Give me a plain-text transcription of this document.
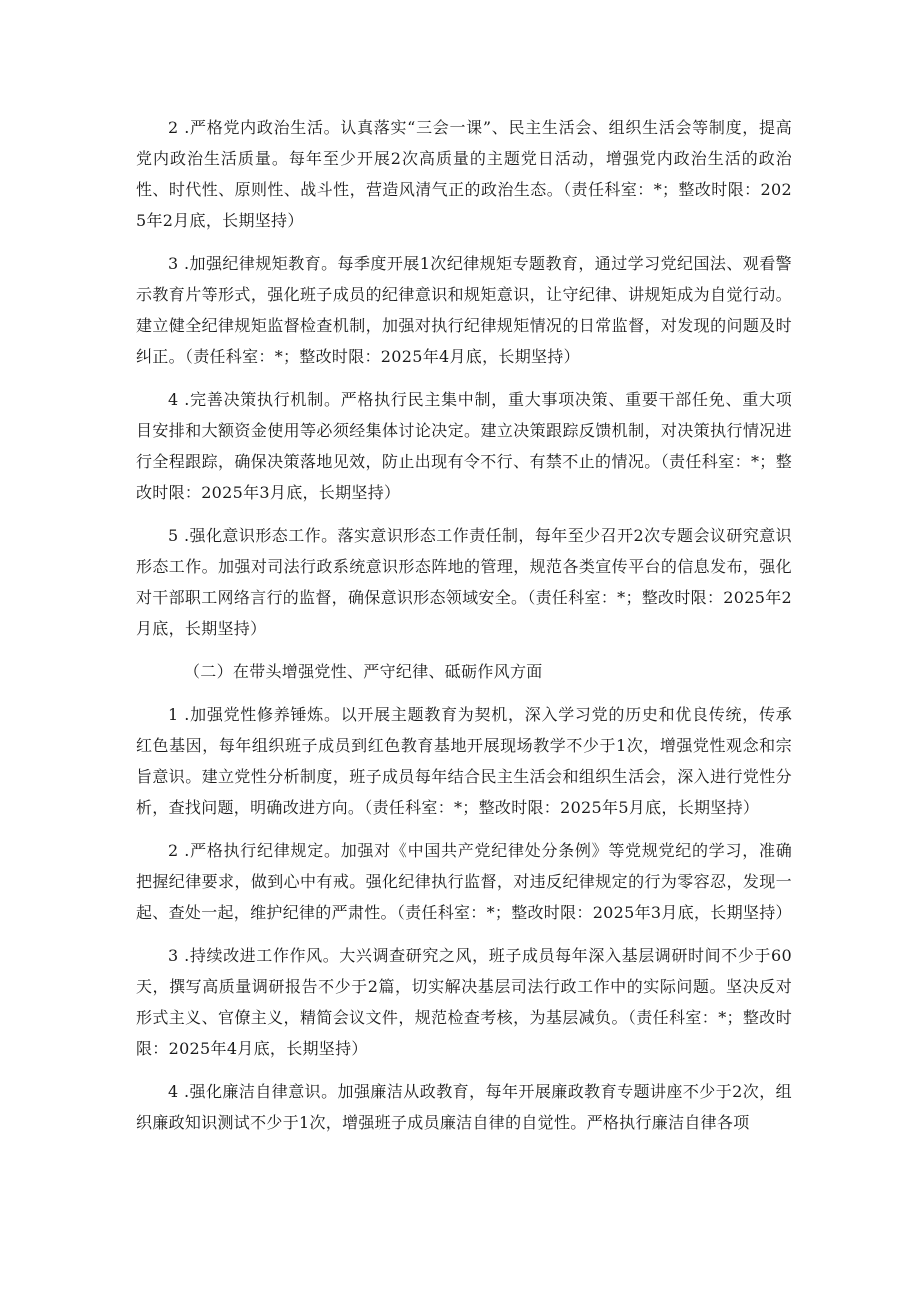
2 .严格党内政治生活。认真落实“三会一课”、民主生活会、组织生活会等制度，提高党内政治生活质量。每年至少开展2次高质量的主题党日活动，增强党内政治生活的政治性、时代性、原则性、战斗性，营造风清气正的政治生态。（责任科室：*；整改时限：2025年2月底，长期坚持）

3 .加强纪律规矩教育。每季度开展1次纪律规矩专题教育，通过学习党纪国法、观看警示教育片等形式，强化班子成员的纪律意识和规矩意识，让守纪律、讲规矩成为自觉行动。建立健全纪律规矩监督检查机制，加强对执行纪律规矩情况的日常监督，对发现的问题及时纠正。（责任科室：*；整改时限：2025年4月底，长期坚持）

4 .完善决策执行机制。严格执行民主集中制，重大事项决策、重要干部任免、重大项目安排和大额资金使用等必须经集体讨论决定。建立决策跟踪反馈机制，对决策执行情况进行全程跟踪，确保决策落地见效，防止出现有令不行、有禁不止的情况。（责任科室：*；整改时限：2025年3月底，长期坚持）

5 .强化意识形态工作。落实意识形态工作责任制，每年至少召开2次专题会议研究意识形态工作。加强对司法行政系统意识形态阵地的管理，规范各类宣传平台的信息发布，强化对干部职工网络言行的监督，确保意识形态领域安全。（责任科室：*；整改时限：2025年2月底，长期坚持）

（二）在带头增强党性、严守纪律、砥砺作风方面

1 .加强党性修养锤炼。以开展主题教育为契机，深入学习党的历史和优良传统，传承红色基因，每年组织班子成员到红色教育基地开展现场教学不少于1次，增强党性观念和宗旨意识。建立党性分析制度，班子成员每年结合民主生活会和组织生活会，深入进行党性分析，查找问题，明确改进方向。（责任科室：*；整改时限：2025年5月底，长期坚持）

2 .严格执行纪律规定。加强对《中国共产党纪律处分条例》等党规党纪的学习，准确把握纪律要求，做到心中有戒。强化纪律执行监督，对违反纪律规定的行为零容忍，发现一起、查处一起，维护纪律的严肃性。（责任科室：*；整改时限：2025年3月底，长期坚持）

3 .持续改进工作作风。大兴调查研究之风，班子成员每年深入基层调研时间不少于60天，撰写高质量调研报告不少于2篇，切实解决基层司法行政工作中的实际问题。坚决反对形式主义、官僚主义，精简会议文件，规范检查考核，为基层减负。（责任科室：*；整改时限：2025年4月底，长期坚持）

4 .强化廉洁自律意识。加强廉洁从政教育，每年开展廉政教育专题讲座不少于2次，组织廉政知识测试不少于1次，增强班子成员廉洁自律的自觉性。严格执行廉洁自律各项
